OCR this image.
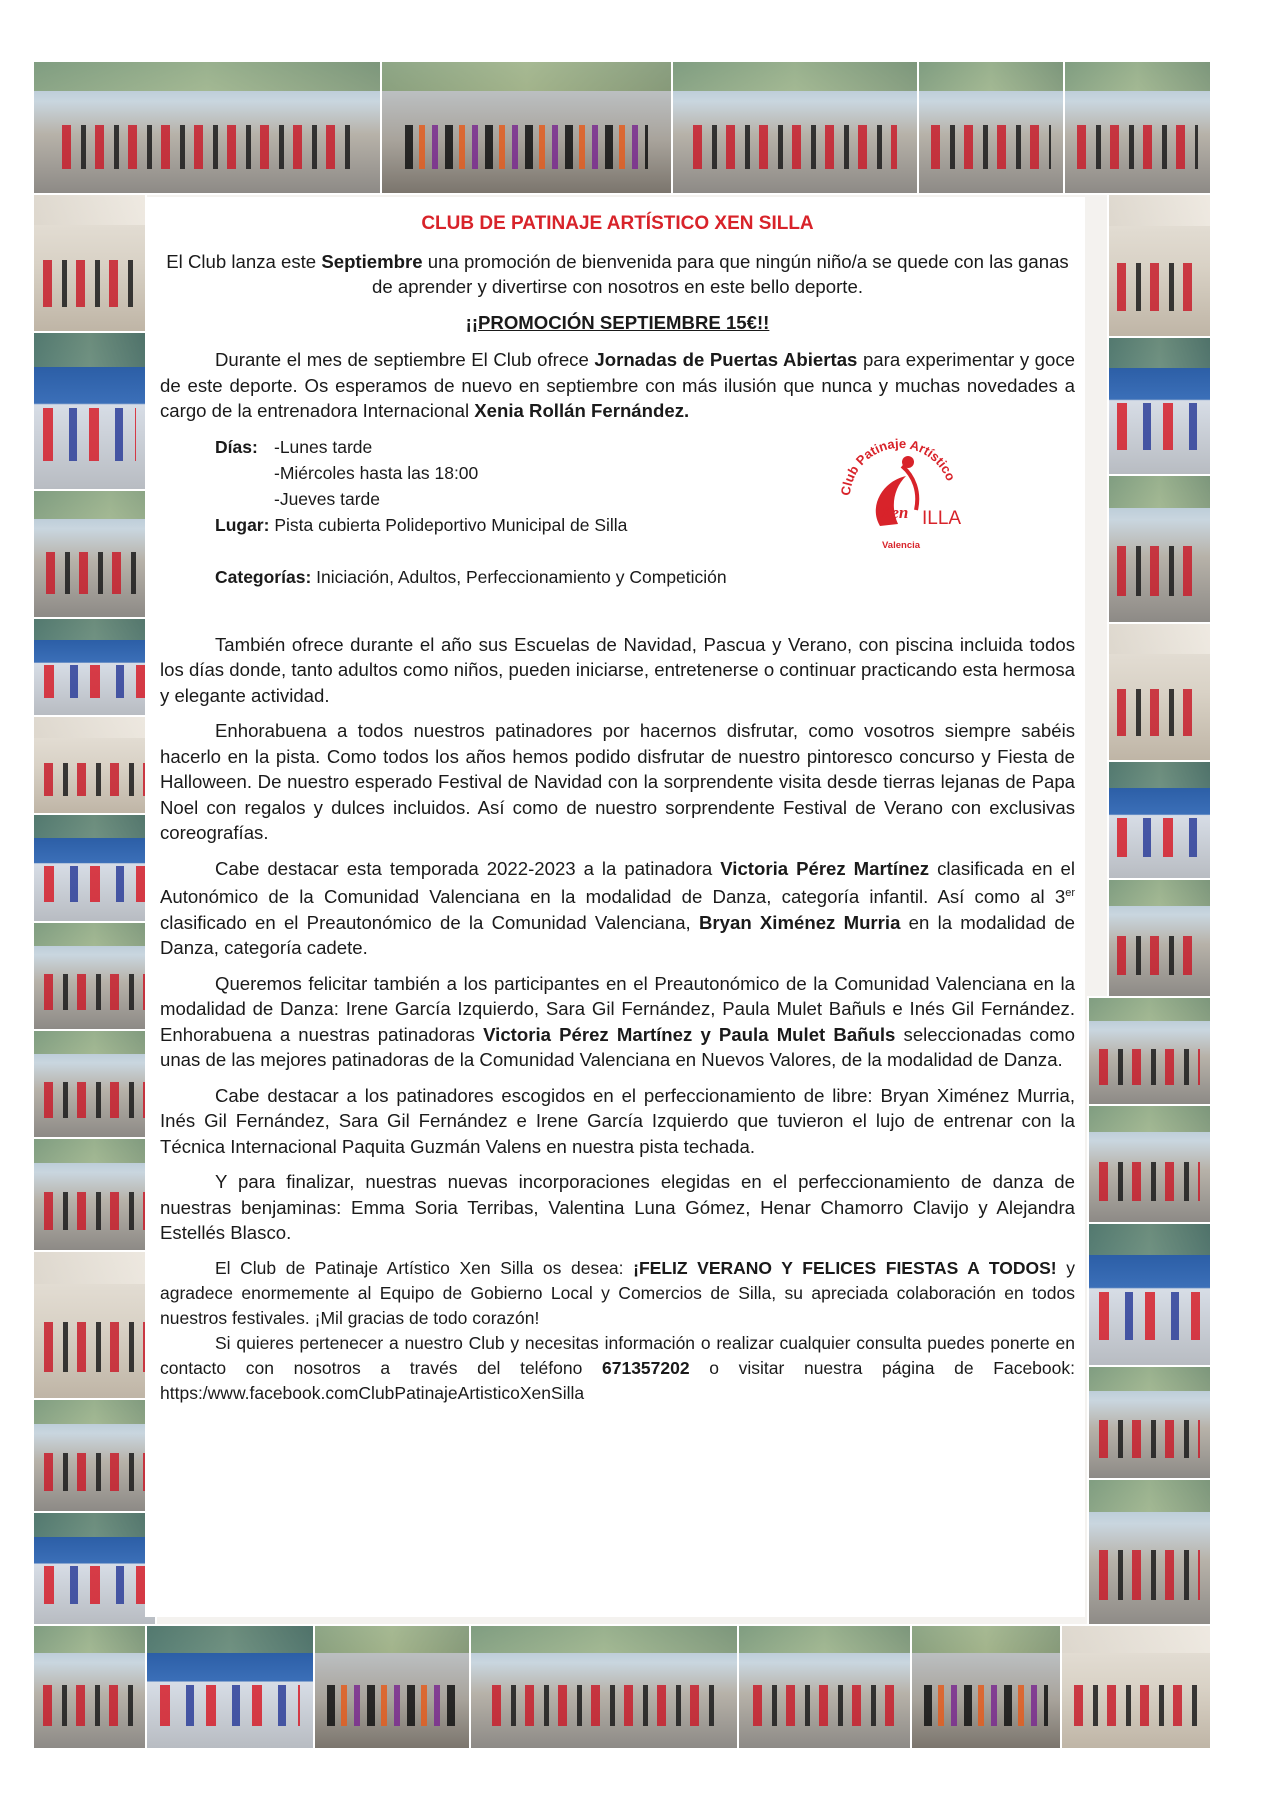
CLUB DE PATINAJE ARTÍSTICO XEN SILLA

El Club lanza este Septiembre una promoción de bienvenida para que ningún niño/a se quede con las ganas de aprender y divertirse con nosotros en este bello deporte.

¡¡PROMOCIÓN SEPTIEMBRE 15€!!

Durante el mes de septiembre El Club ofrece Jornadas de Puertas Abiertas para experimentar y goce de este deporte. Os esperamos de nuevo en septiembre con más ilusión que nunca y muchas novedades a cargo de la entrenadora Internacional Xenia Rollán Fernández.

Días: -Lunes tarde
-Miércoles hasta las 18:00
-Jueves tarde
Lugar: Pista cubierta Polideportivo Municipal de Silla
Categorías: Iniciación, Adultos, Perfeccionamiento y Competición
Club Patinaje Artístico
Xen ILLA
Valencia

También ofrece durante el año sus Escuelas de Navidad, Pascua y Verano, con piscina incluida todos los días donde, tanto adultos como niños, pueden iniciarse, entretenerse o continuar practicando esta hermosa y elegante actividad.

Enhorabuena a todos nuestros patinadores por hacernos disfrutar, como vosotros siempre sabéis hacerlo en la pista. Como todos los años hemos podido disfrutar de nuestro pintoresco concurso y Fiesta de Halloween. De nuestro esperado Festival de Navidad con la sorprendente visita desde tierras lejanas de Papa Noel con regalos y dulces incluidos. Así como de nuestro sorprendente Festival de Verano con exclusivas coreografías.

Cabe destacar esta temporada 2022-2023 a la patinadora Victoria Pérez Martínez clasificada en el Autonómico de la Comunidad Valenciana en la modalidad de Danza, categoría infantil. Así como al 3er clasificado en el Preautonómico de la Comunidad Valenciana, Bryan Ximénez Murria en la modalidad de Danza, categoría cadete.

Queremos felicitar también a los participantes en el Preautonómico de la Comunidad Valenciana en la modalidad de Danza: Irene García Izquierdo, Sara Gil Fernández, Paula Mulet Bañuls e Inés Gil Fernández. Enhorabuena a nuestras patinadoras Victoria Pérez Martínez y Paula Mulet Bañuls seleccionadas como unas de las mejores patinadoras de la Comunidad Valenciana en Nuevos Valores, de la modalidad de Danza.

Cabe destacar a los patinadores escogidos en el perfeccionamiento de libre: Bryan Ximénez Murria, Inés Gil Fernández, Sara Gil Fernández e Irene García Izquierdo que tuvieron el lujo de entrenar con la Técnica Internacional Paquita Guzmán Valens en nuestra pista techada.

Y para finalizar, nuestras nuevas incorporaciones elegidas en el perfeccionamiento de danza de nuestras benjaminas: Emma Soria Terribas, Valentina Luna Gómez, Henar Chamorro Clavijo y Alejandra Estellés Blasco.

El Club de Patinaje Artístico Xen Silla os desea: ¡FELIZ VERANO Y FELICES FIESTAS A TODOS! y agradece enormemente al Equipo de Gobierno Local y Comercios de Silla, su apreciada colaboración en todos nuestros festivales. ¡Mil gracias de todo corazón!

Si quieres pertenecer a nuestro Club y necesitas información o realizar cualquier consulta puedes ponerte en contacto con nosotros a través del teléfono 671357202 o visitar nuestra página de Facebook: https:/www.facebook.comClubPatinajeArtisticoXenSilla
